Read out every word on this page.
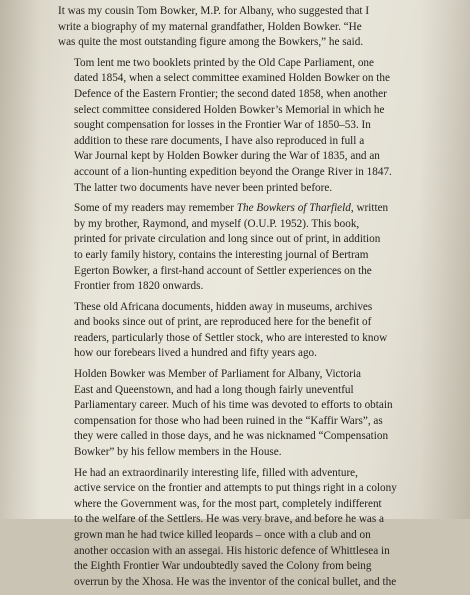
It was my cousin Tom Bowker, M.P. for Albany, who suggested that I
write a biography of my maternal grandfather, Holden Bowker. “He
was quite the most outstanding figure among the Bowkers,” he said.
Tom lent me two booklets printed by the Old Cape Parliament, one
dated 1854, when a select committee examined Holden Bowker on the
Defence of the Eastern Frontier; the second dated 1858, when another
select committee considered Holden Bowker’s Memorial in which he
sought compensation for losses in the Frontier War of 1850–53. In
addition to these rare documents, I have also reproduced in full a
War Journal kept by Holden Bowker during the War of 1835, and an
account of a lion-hunting expedition beyond the Orange River in 1847.
The latter two documents have never been printed before.
Some of my readers may remember The Bowkers of Tharfield, written
by my brother, Raymond, and myself (O.U.P. 1952). This book,
printed for private circulation and long since out of print, in addition
to early family history, contains the interesting journal of Bertram
Egerton Bowker, a first-hand account of Settler experiences on the
Frontier from 1820 onwards.
These old Africana documents, hidden away in museums, archives
and books since out of print, are reproduced here for the benefit of
readers, particularly those of Settler stock, who are interested to know
how our forebears lived a hundred and fifty years ago.
Holden Bowker was Member of Parliament for Albany, Victoria
East and Queenstown, and had a long though fairly uneventful
Parliamentary career. Much of his time was devoted to efforts to obtain
compensation for those who had been ruined in the “Kaffir Wars”, as
they were called in those days, and he was nicknamed “Compensation
Bowker” by his fellow members in the House.
He had an extraordinarily interesting life, filled with adventure,
active service on the frontier and attempts to put things right in a colony
where the Government was, for the most part, completely indifferent
to the welfare of the Settlers. He was very brave, and before he was a
grown man he had twice killed leopards – once with a club and on
another occasion with an assegai. His historic defence of Whittlesea in
the Eighth Frontier War undoubtedly saved the Colony from being
overrun by the Xhosa. He was the inventor of the conical bullet, and the
